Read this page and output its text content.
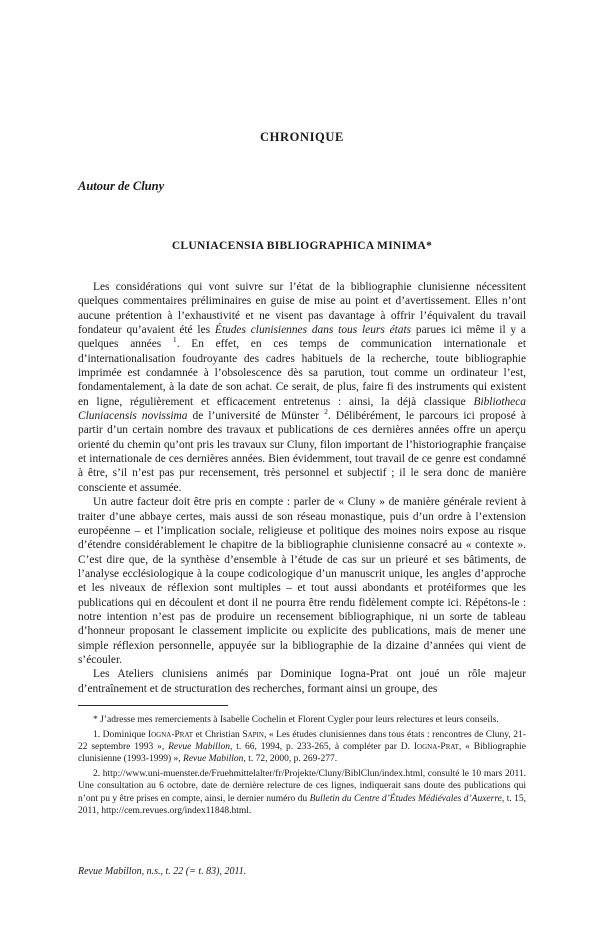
CHRONIQUE
Autour de Cluny
CLUNIACENSIA BIBLIOGRAPHICA MINIMA*

Les considérations qui vont suivre sur l’état de la bibliographie clunisienne nécessitent quelques commentaires préliminaires en guise de mise au point et d’avertissement. Elles n’ont aucune prétention à l’exhaustivité et ne visent pas davantage à offrir l’équivalent du travail fondateur qu’avaient été les Études clunisiennes dans tous leurs états parues ici même il y a quelques années $^1$. En effet, en ces temps de communication internationale et d’internationalisation foudroyante des cadres habituels de la recherche, toute bibliographie imprimée est condamnée à l’obsolescence dès sa parution, tout comme un ordinateur l’est, fondamentalement, à la date de son achat. Ce serait, de plus, faire fi des instruments qui existent en ligne, régulièrement et efficacement entretenus : ainsi, la déjà classique Bibliotheca Cluniacensis novissima de l’université de Münster $^2$. Délibérément, le parcours ici proposé à partir d’un certain nombre des travaux et publications de ces dernières années offre un aperçu orienté du chemin qu’ont pris les travaux sur Cluny, filon important de l’historiographie française et internationale de ces dernières années. Bien évidemment, tout travail de ce genre est condamné à être, s’il n’est pas pur recensement, très personnel et subjectif ; il le sera donc de manière consciente et assumée.

Un autre facteur doit être pris en compte : parler de « Cluny » de manière générale revient à traiter d’une abbaye certes, mais aussi de son réseau monastique, puis d’un ordre à l’extension européenne – et l’implication sociale, religieuse et politique des moines noirs expose au risque d’étendre considérablement le chapitre de la bibliographie clunisienne consacré au « contexte ». C’est dire que, de la synthèse d’ensemble à l’étude de cas sur un prieuré et ses bâtiments, de l’analyse ecclésiologique à la coupe codicologique d’un manuscrit unique, les angles d’approche et les niveaux de réflexion sont multiples – et tout aussi abondants et protéiformes que les publications qui en découlent et dont il ne pourra être rendu fidèlement compte ici. Répétons-le : notre intention n’est pas de produire un recensement bibliographique, ni un sorte de tableau d’honneur proposant le classement implicite ou explicite des publications, mais de mener une simple réflexion personnelle, appuyée sur la bibliographie de la dizaine d’années qui vient de s’écouler.

Les Ateliers clunisiens animés par Dominique Iogna-Prat ont joué un rôle majeur d’entraînement et de structuration des recherches, formant ainsi un groupe, des

* J’adresse mes remerciements à Isabelle Cochelin et Florent Cygler pour leurs relectures et leurs conseils.

1. Dominique Iogna-Prat et Christian Sapin, « Les études clunisiennes dans tous états : rencontres de Cluny, 21-22 septembre 1993 », Revue Mabillon, t. 66, 1994, p. 233-265, à compléter par D. Iogna-Prat, « Bibliographie clunisienne (1993-1999) », Revue Mabillon, t. 72, 2000, p. 269-277.

2. http://www.uni-muenster.de/Fruehmittelalter/fr/Projekte/Cluny/BiblClun/index.html, consulté le 10 mars 2011. Une consultation au 6 octobre, date de dernière relecture de ces lignes, indiquerait sans doute des publications qui n’ont pu y être prises en compte, ainsi, le dernier numéro du Bulletin du Centre d’Études Médiévales d’Auxerre, t. 15, 2011, http://cem.revues.org/index11848.html.

Revue Mabillon, n.s., t. 22 (= t. 83), 2011.
